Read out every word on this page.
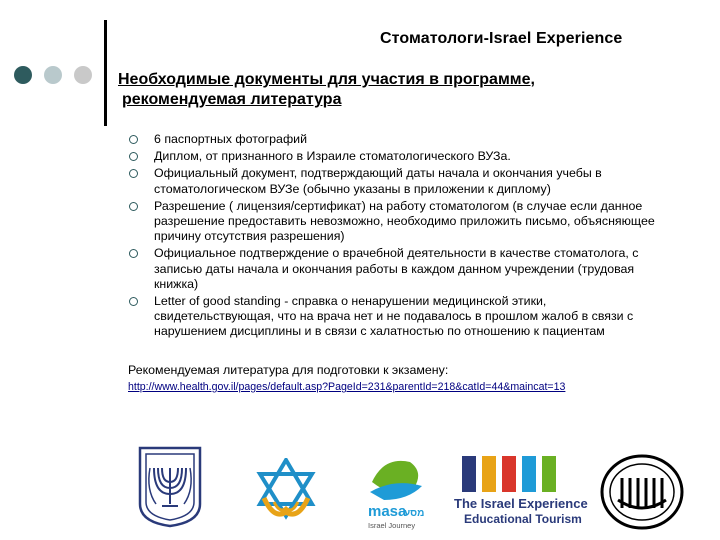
Стоматологи-Israel Experience
Необходимые документы для участия в программе,
рекомендуемая литература
6 паспортных фотографий
Диплом, от признанного в Израиле стоматологического ВУЗа.
Официальный документ, подтверждающий даты начала и окончания учебы в стоматологическом ВУЗе (обычно указаны в приложении к диплому)
Разрешение ( лицензия/сертификат) на работу стоматологом (в случае если данное разрешение предоставить невозможно, необходимо приложить письмо, объясняющее причину отсутствия разрешения)
Официальное подтверждение о врачебной деятельности в качестве стоматолога, с записью даты начала и окончания работы в каждом данном учреждении (трудовая книжка)
Letter of good standing - справка о ненарушении медицинской этики, свидетельствующая, что на врача нет и не подавалось в прошлом жалоб в связи с нарушением дисциплины и в связи с халатностью по отношению к пациентам
Рекомендуемая литература для подготовки к экзамену:
http://www.health.gov.il/pages/default.asp?PageId=231&parentId=218&catId=44&maincat=13
masa
מסע
Israel Journey
The Israel Experience
Educational Tourism
